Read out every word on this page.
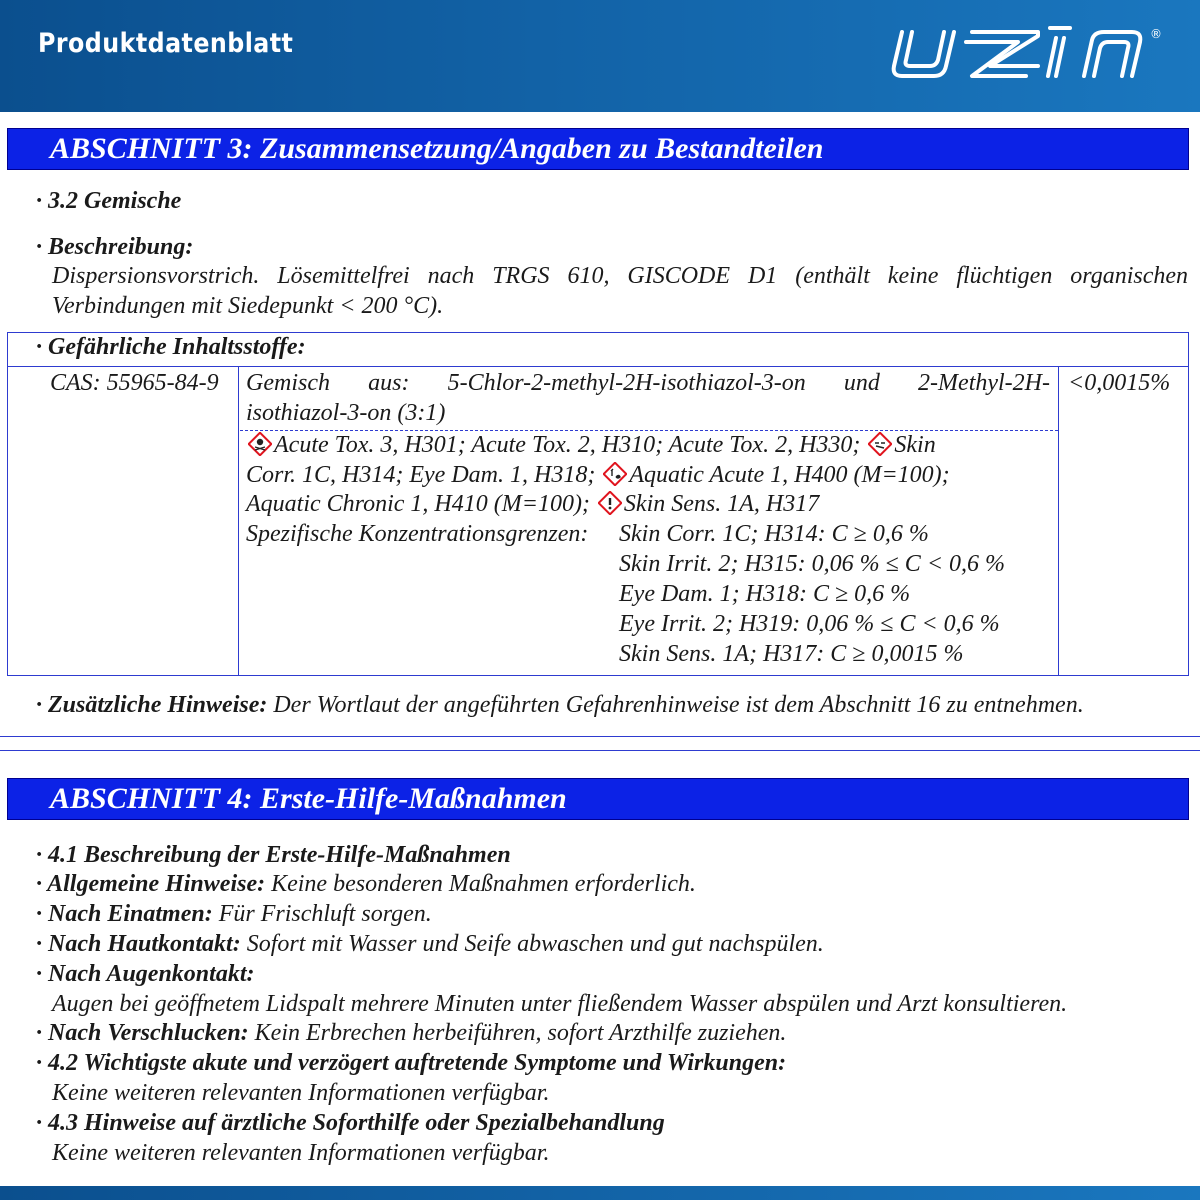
Produktdatenblatt	®
ABSCHNITT 3: Zusammensetzung/Angaben zu Bestandteilen
· 3.2 Gemische
· Beschreibung:
Dispersionsvorstrich. Lösemittelfrei nach TRGS 610, GISCODE D1 (enthält keine flüchtigen organischen
Verbindungen mit Siedepunkt < 200 °C).
· Gefährliche Inhaltsstoffe:
CAS: 55965-84-9 Gemisch aus: 5-Chlor-2-methyl-2H-isothiazol-3-on und 2-Methyl-2H-
isothiazol-3-on (3:1)
<0,0015%
Acute Tox. 3, H301; Acute Tox. 2, H310; Acute Tox. 2, H330; Skin
Corr. 1C, H314; Eye Dam. 1, H318; Aquatic Acute 1, H400 (M=100);
Aquatic Chronic 1, H410 (M=100); Skin Sens. 1A, H317
Spezifische Konzentrationsgrenzen: Skin Corr. 1C; H314: C ≥ 0,6 %
Skin Irrit. 2; H315: 0,06 % ≤ C < 0,6 %
Eye Dam. 1; H318: C ≥ 0,6 %
Eye Irrit. 2; H319: 0,06 % ≤ C < 0,6 %
Skin Sens. 1A; H317: C ≥ 0,0015 %
· Zusätzliche Hinweise: Der Wortlaut der angeführten Gefahrenhinweise ist dem Abschnitt 16 zu entnehmen.
ABSCHNITT 4: Erste-Hilfe-Maßnahmen
· 4.1 Beschreibung der Erste-Hilfe-Maßnahmen
· Allgemeine Hinweise: Keine besonderen Maßnahmen erforderlich.
· Nach Einatmen: Für Frischluft sorgen.
· Nach Hautkontakt: Sofort mit Wasser und Seife abwaschen und gut nachspülen.
· Nach Augenkontakt:
Augen bei geöffnetem Lidspalt mehrere Minuten unter fließendem Wasser abspülen und Arzt konsultieren.
· Nach Verschlucken: Kein Erbrechen herbeiführen, sofort Arzthilfe zuziehen.
· 4.2 Wichtigste akute und verzögert auftretende Symptome und Wirkungen:
Keine weiteren relevanten Informationen verfügbar.
· 4.3 Hinweise auf ärztliche Soforthilfe oder Spezialbehandlung
Keine weiteren relevanten Informationen verfügbar.
